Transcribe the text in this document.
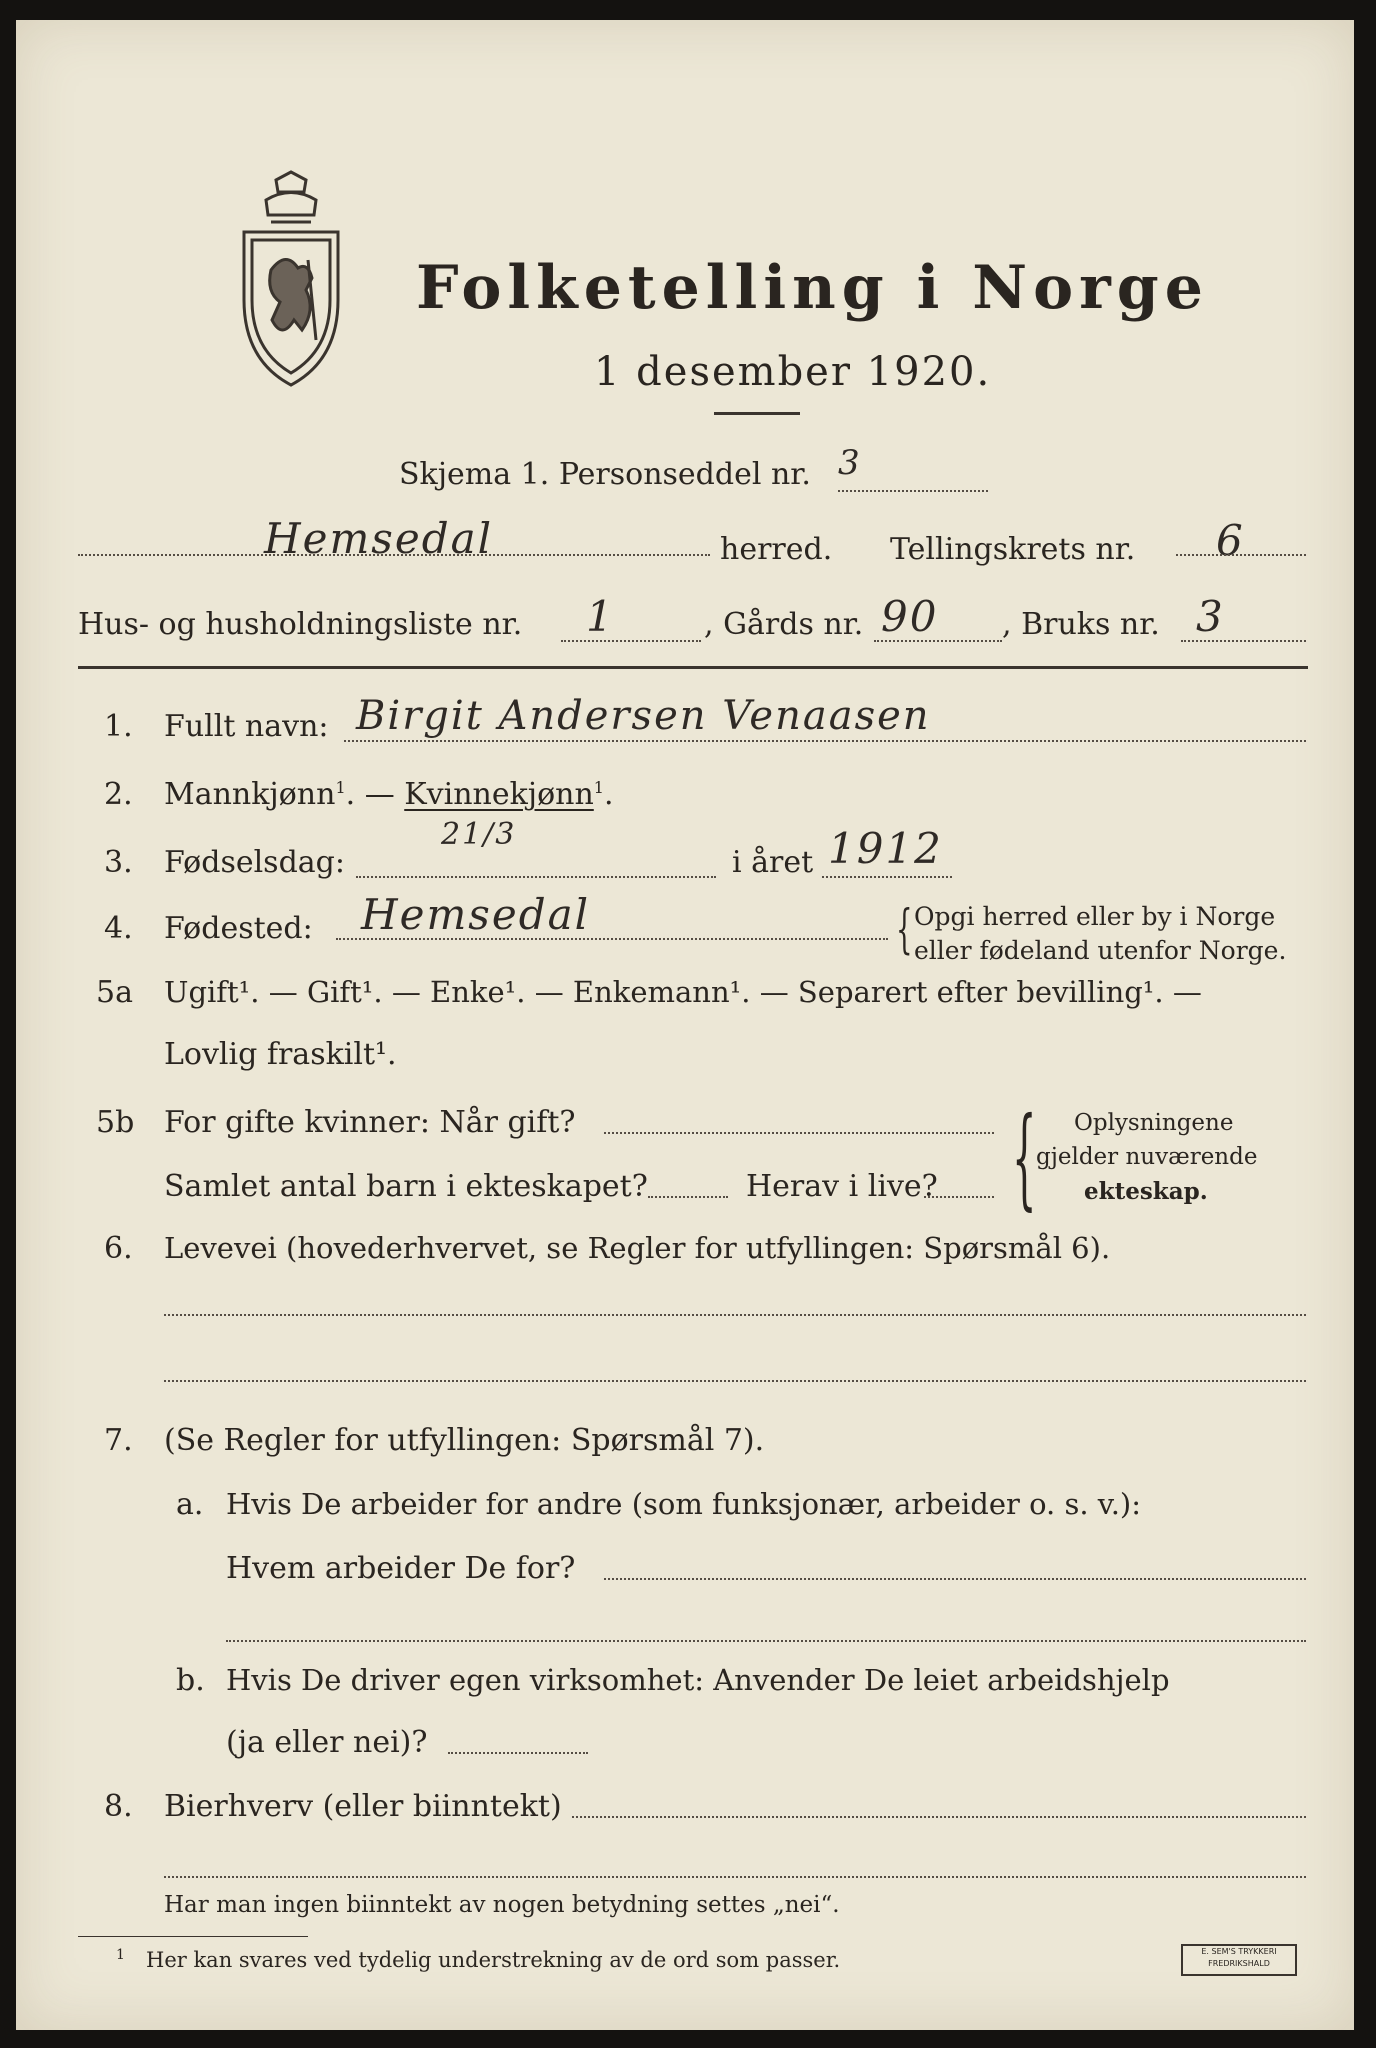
Folketelling i Norge
1 desember 1920.
Skjema 1. Personseddel nr. 3
Hemsedal	herred. Tellingskrets nr. 6
Hus- og husholdningsliste nr. 1	, Gårds nr. 90 , Bruks nr. 3
1. Fullt navn: Birgit Andersen Venaasen
2. Mannkjønn$^1$. — Kvinnekjønn$^1$.
3. Fødselsdag:
21/3
i året 1912
4. Fødested: Hemsedal	{ Opgi herred eller by i Norge
eller fødeland utenfor Norge.
5a Ugift¹. — Gift¹. — Enke¹. — Enkemann¹. — Separert efter bevilling¹. —
Lovlig fraskilt¹.
5b For gifte kvinner: Når gift?
Samlet antal barn i ekteskapet?	Herav i live? { Oplysningene
gjelder nuværende
ekteskap.
6. Levevei (hovederhvervet, se Regler for utfyllingen: Spørsmål 6).
7. (Se Regler for utfyllingen: Spørsmål 7).
a. Hvis De arbeider for andre (som funksjonær, arbeider o. s. v.):
Hvem arbeider De for?
b. Hvis De driver egen virksomhet: Anvender De leiet arbeidshjelp
(ja eller nei)?
8. Bierhverv (eller biinntekt)
Har man ingen biinntekt av nogen betydning settes „nei“.
1 Her kan svares ved tydelig understrekning av de ord som passer.	E. SEM'S TRYKKERI
FREDRIKSHALD
